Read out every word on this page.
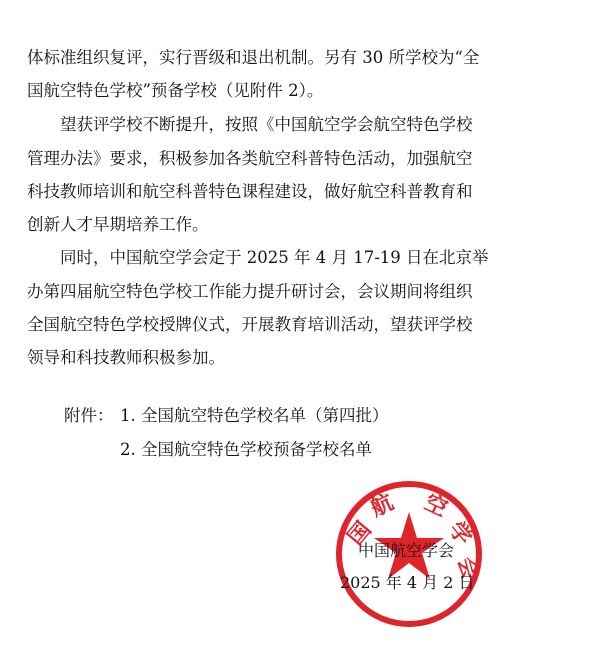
体标准组织复评，实行晋级和退出机制。另有 30 所学校为“全
国航空特色学校”预备学校（见附件 2）。
望获评学校不断提升，按照《中国航空学会航空特色学校
管理办法》要求，积极参加各类航空科普特色活动，加强航空
科技教师培训和航空科普特色课程建设，做好航空科普教育和
创新人才早期培养工作。
同时，中国航空学会定于 2025 年 4 月 17-19 日在北京举
办第四届航空特色学校工作能力提升研讨会，会议期间将组织
全国航空特色学校授牌仪式，开展教育培训活动，望获评学校
领导和科技教师积极参加。
附件： 1. 全国航空特色学校名单（第四批）
2. 全国航空特色学校预备学校名单
国
航 空
学
会
中国航空学会
2025 年 4 月 2 日
